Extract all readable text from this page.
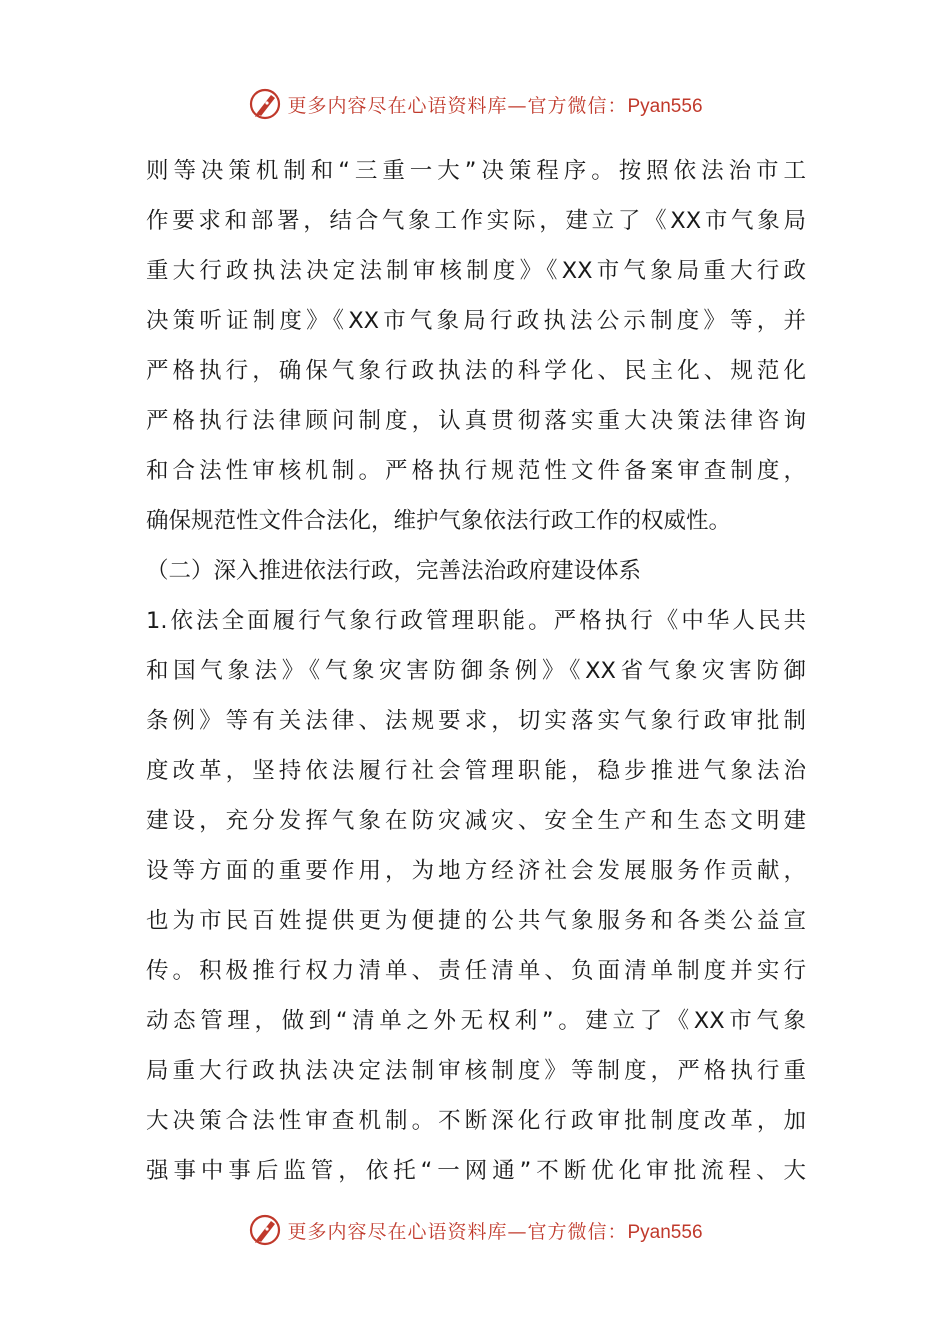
更多内容尽在心语资料库—官方微信：Pyan556
则等决策机制和“三重一大”决策程序。按照依法治市工
作要求和部署，结合气象工作实际，建立了《XX市气象局
重大行政执法决定法制审核制度》《XX市气象局重大行政
决策听证制度》《XX市气象局行政执法公示制度》等，并
严格执行，确保气象行政执法的科学化、民主化、规范化
严格执行法律顾问制度，认真贯彻落实重大决策法律咨询
和合法性审核机制。严格执行规范性文件备案审查制度，
确保规范性文件合法化，维护气象依法行政工作的权威性。
（二）深入推进依法行政，完善法治政府建设体系
1.依法全面履行气象行政管理职能。严格执行《中华人民共
和国气象法》《气象灾害防御条例》《XX省气象灾害防御
条例》等有关法律、法规要求，切实落实气象行政审批制
度改革，坚持依法履行社会管理职能，稳步推进气象法治
建设，充分发挥气象在防灾减灾、安全生产和生态文明建
设等方面的重要作用，为地方经济社会发展服务作贡献，
也为市民百姓提供更为便捷的公共气象服务和各类公益宣
传。积极推行权力清单、责任清单、负面清单制度并实行
动态管理，做到“清单之外无权利”。建立了《XX市气象
局重大行政执法决定法制审核制度》等制度，严格执行重
大决策合法性审查机制。不断深化行政审批制度改革，加
强事中事后监管，依托“一网通”不断优化审批流程、大
更多内容尽在心语资料库—官方微信：Pyan556
